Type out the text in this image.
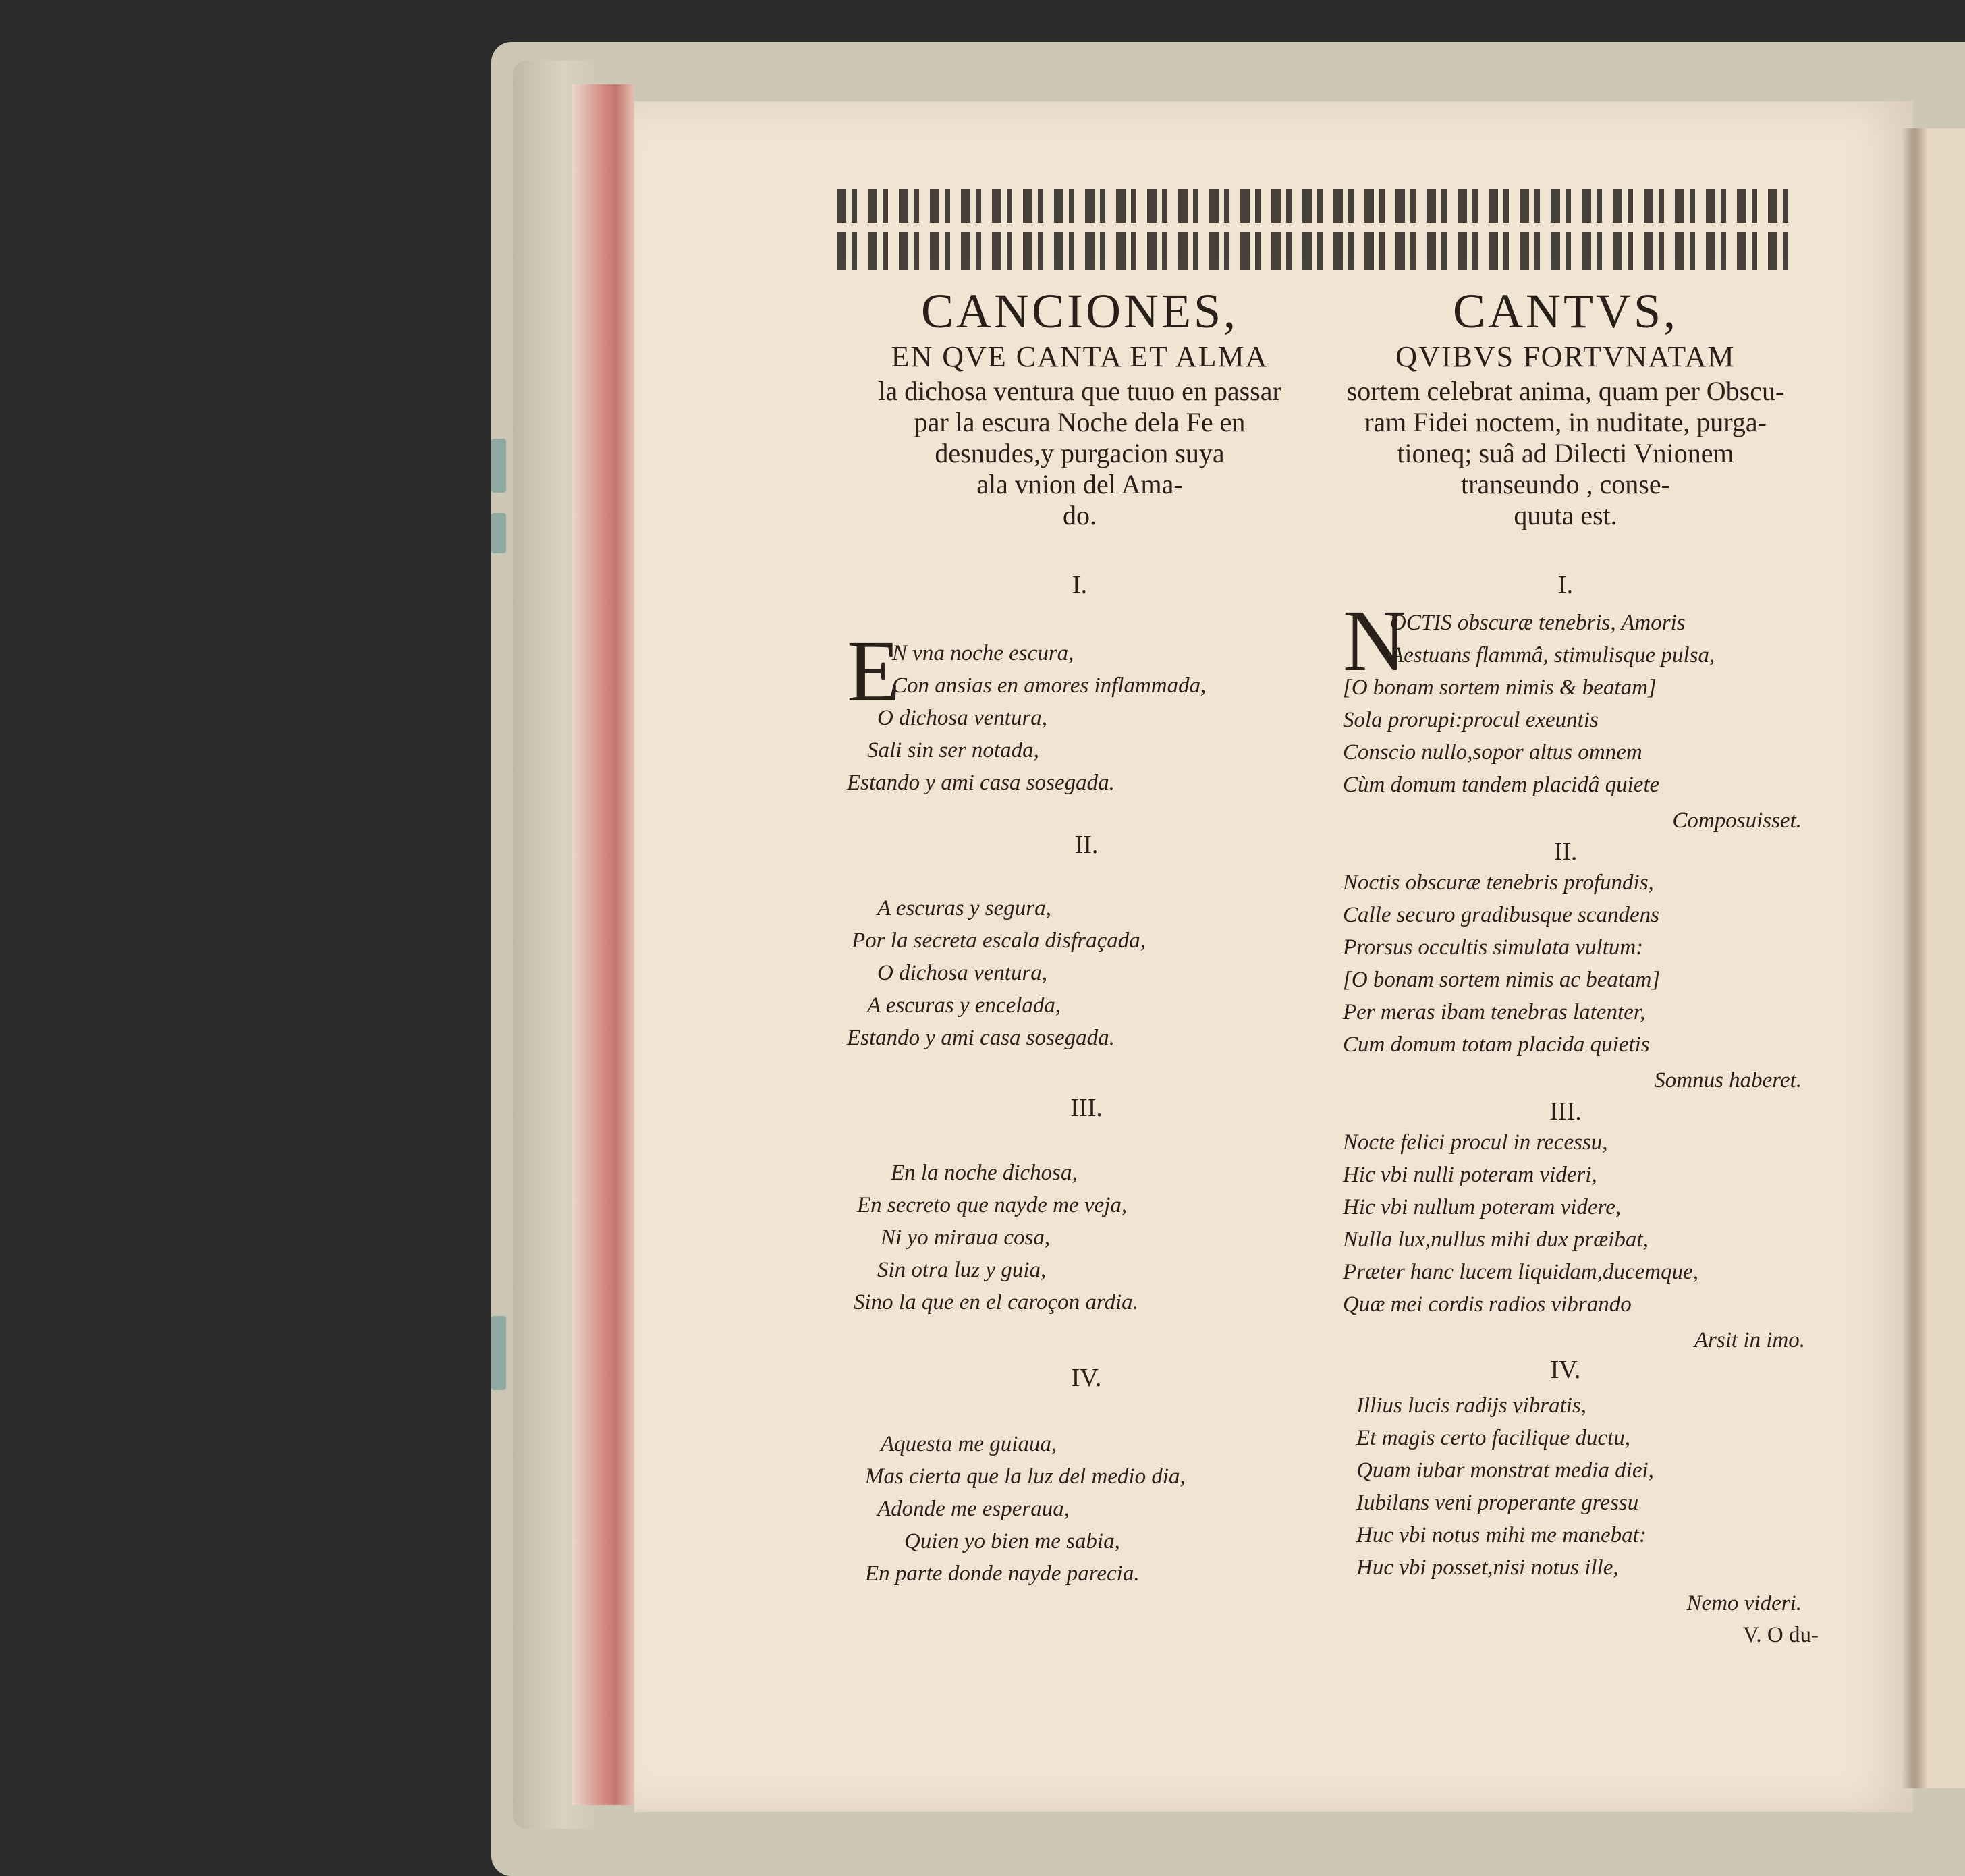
CANCIONES,
EN QVE CANTA ET ALMA
la dichosa ventura que tuuo en passar
par la escura Noche dela Fe en
desnudes,y purgacion suya
ala vnion del Ama-
do.
CANTVS,
QVIBVS FORTVNATAM
sortem celebrat anima, quam per Obscu-
ram Fidei noctem, in nuditate, purga-
tioneq; suâ ad Dilecti Vnionem
transeundo , conse-
quuta est.
I.
E
N vna noche escura,
Con ansias en amores inflammada,
O dichosa ventura,
Sali sin ser notada,
Estando y ami casa sosegada.
II.
A escuras y segura,
Por la secreta escala disfraçada,
O dichosa ventura,
A escuras y encelada,
Estando y ami casa sosegada.
III.
En la noche dichosa,
En secreto que nayde me veja,
Ni yo miraua cosa,
Sin otra luz y guia,
Sino la que en el caroçon ardia.
IV.
Aquesta me guiaua,
Mas cierta que la luz del medio dia,
Adonde me esperaua,
Quien yo bien me sabia,
En parte donde nayde parecia.
I.
N
OCTIS obscuræ tenebris, Amoris
Aestuans flammâ, stimulisque pulsa,
[O bonam sortem nimis & beatam]
Sola prorupi:procul exeuntis
Conscio nullo,sopor altus omnem
Cùm domum tandem placidâ quiete
Composuisset.
II.
Noctis obscuræ tenebris profundis,
Calle securo gradibusque scandens
Prorsus occultis simulata vultum:
[O bonam sortem nimis ac beatam]
Per meras ibam tenebras latenter,
Cum domum totam placida quietis
Somnus haberet.
III.
Nocte felici procul in recessu,
Hic vbi nulli poteram videri,
Hic vbi nullum poteram videre,
Nulla lux,nullus mihi dux præibat,
Præter hanc lucem liquidam,ducemque,
Quæ mei cordis radios vibrando
Arsit in imo.
IV.
Illius lucis radijs vibratis,
Et magis certo facilique ductu,
Quam iubar monstrat media diei,
Iubilans veni properante gressu
Huc vbi notus mihi me manebat:
Huc vbi posset,nisi notus ille,
Nemo videri.
V. O du-
